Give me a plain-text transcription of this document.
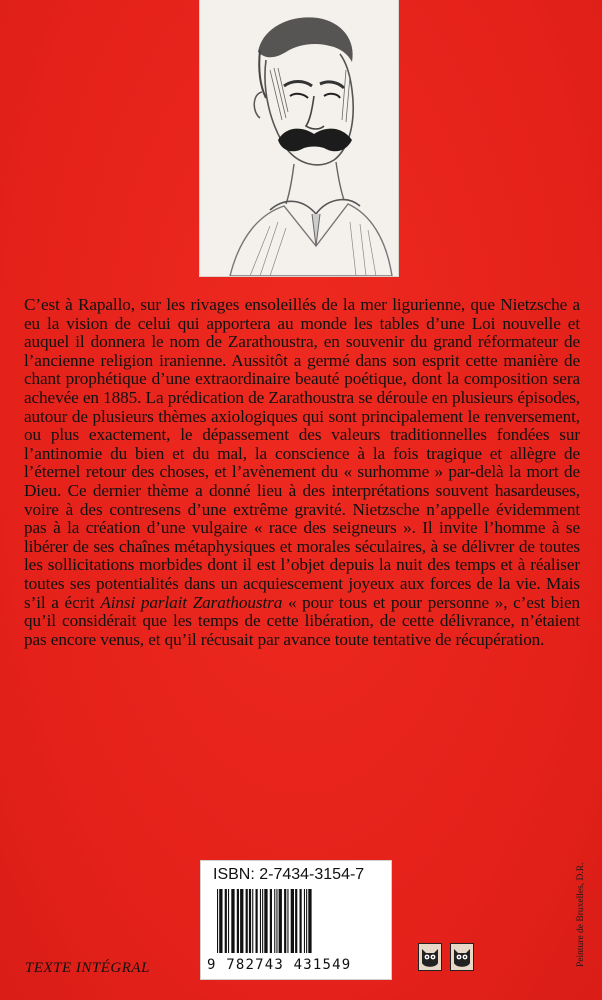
C’est à Rapallo, sur les rivages ensoleillés de la mer ligurienne, que Nietzsche a eu la vision de celui qui apportera au monde les tables d’une Loi nouvelle et auquel il donnera le nom de Zarathoustra, en souvenir du grand réformateur de l’ancienne religion iranienne. Aussitôt a germé dans son esprit cette manière de chant prophétique d’une extraordinaire beauté poétique, dont la composition sera achevée en 1885. La prédication de Zarathoustra se déroule en plusieurs épisodes, autour de plusieurs thèmes axiologiques qui sont principalement le renversement, ou plus exactement, le dépassement des valeurs traditionnelles fondées sur l’antinomie du bien et du mal, la conscience à la fois tragique et allègre de l’éternel retour des choses, et l’avènement du « surhomme » par-delà la mort de Dieu. Ce dernier thème a donné lieu à des interprétations souvent hasardeuses, voire à des contresens d’une extrême gravité. Nietzsche n’appelle évidemment pas à la création d’une vulgaire « race des seigneurs ». Il invite l’homme à se libérer de ses chaînes métaphysiques et morales séculaires, à se délivrer de toutes les sollicitations morbides dont il est l’objet depuis la nuit des temps et à réaliser toutes ses potentialités dans un acquiescement joyeux aux forces de la vie. Mais s’il a écrit Ainsi parlait Zarathoustra « pour tous et pour personne », c’est bien qu’il considérait que les temps de cette libération, de cette délivrance, n’étaient pas encore venus, et qu’il récusait par avance toute tentative de récupération.

ISBN: 2-7434-3154-7
9 782743 431549
TEXTE INTÉGRAL
Peinture de Bruxelles, D.R.
